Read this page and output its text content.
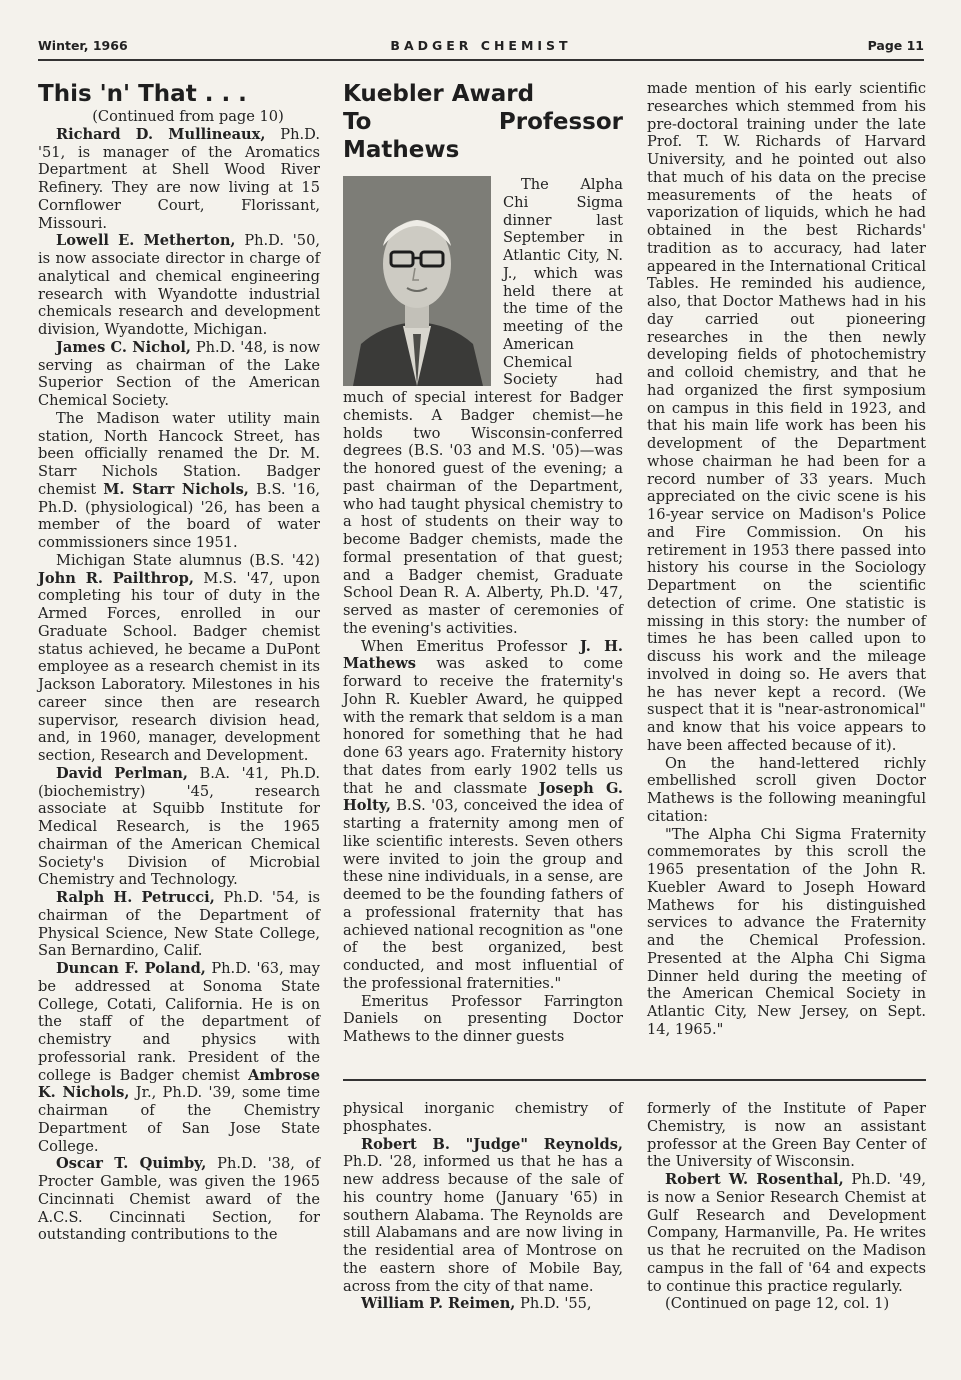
Winter, 1966	BADGER CHEMIST	Page 11
This 'n' That . . .

(Continued from page 10)

Richard D. Mullineaux, Ph.D. '51, is manager of the Aromatics Department at Shell Wood River Refinery. They are now living at 15 Cornflower Court, Florissant, Missouri.

Lowell E. Metherton, Ph.D. '50, is now associate director in charge of analytical and chemical engineering research with Wyandotte industrial chemicals research and development division, Wyandotte, Michigan.

James C. Nichol, Ph.D. '48, is now serving as chairman of the Lake Superior Section of the American Chemical Society.

The Madison water utility main station, North Hancock Street, has been officially renamed the Dr. M. Starr Nichols Station. Badger chemist M. Starr Nichols, B.S. '16, Ph.D. (physiological) '26, has been a member of the board of water commissioners since 1951.

Michigan State alumnus (B.S. '42) John R. Pailthrop, M.S. '47, upon completing his tour of duty in the Armed Forces, enrolled in our Graduate School. Badger chemist status achieved, he became a DuPont employee as a research chemist in its Jackson Laboratory. Milestones in his career since then are research supervisor, research division head, and, in 1960, manager, development section, Research and Development.

David Perlman, B.A. '41, Ph.D. (biochemistry) '45, research associate at Squibb Institute for Medical Research, is the 1965 chairman of the American Chemical Society's Division of Microbial Chemistry and Technology.

Ralph H. Petrucci, Ph.D. '54, is chairman of the Department of Physical Science, New State College, San Bernardino, Calif.

Duncan F. Poland, Ph.D. '63, may be addressed at Sonoma State College, Cotati, California. He is on the staff of the department of chemistry and physics with professorial rank. President of the college is Badger chemist Ambrose K. Nichols, Jr., Ph.D. '39, some time chairman of the Chemistry Department of San Jose State College.

Oscar T. Quimby, Ph.D. '38, of Procter Gamble, was given the 1965 Cincinnati Chemist award of the A.C.S. Cincinnati Section, for outstanding contributions to the

Kuebler Award
To Professor Mathews

The Alpha Chi Sigma dinner last September in Atlantic City, N. J., which was held there at the time of the meeting of the American Chemical Society had much of special interest for Badger chemists. A Badger chemist—he holds two Wisconsin-conferred degrees (B.S. '03 and M.S. '05)—was the honored guest of the evening; a past chairman of the Department, who had taught physical chemistry to a host of students on their way to become Badger chemists, made the formal presentation of that guest; and a Badger chemist, Graduate School Dean R. A. Alberty, Ph.D. '47, served as master of ceremonies of the evening's activities.

When Emeritus Professor J. H. Mathews was asked to come forward to receive the fraternity's John R. Kuebler Award, he quipped with the remark that seldom is a man honored for something that he had done 63 years ago. Fraternity history that dates from early 1902 tells us that he and classmate Joseph G. Holty, B.S. '03, conceived the idea of starting a fraternity among men of like scientific interests. Seven others were invited to join the group and these nine individuals, in a sense, are deemed to be the founding fathers of a professional fraternity that has achieved national recognition as "one of the best organized, best conducted, and most influential of the professional fraternities."

Emeritus Professor Farrington Daniels on presenting Doctor Mathews to the dinner guests

made mention of his early scientific researches which stemmed from his pre-doctoral training under the late Prof. T. W. Richards of Harvard University, and he pointed out also that much of his data on the precise measurements of the heats of vaporization of liquids, which he had obtained in the best Richards' tradition as to accuracy, had later appeared in the International Critical Tables. He reminded his audience, also, that Doctor Mathews had in his day carried out pioneering researches in the then newly developing fields of photochemistry and colloid chemistry, and that he had organized the first symposium on campus in this field in 1923, and that his main life work has been his development of the Department whose chairman he had been for a record number of 33 years. Much appreciated on the civic scene is his 16-year service on Madison's Police and Fire Commission. On his retirement in 1953 there passed into history his course in the Sociology Department on the scientific detection of crime. One statistic is missing in this story: the number of times he has been called upon to discuss his work and the mileage involved in doing so. He avers that he has never kept a record. (We suspect that it is "near-astronomical" and know that his voice appears to have been affected because of it).

On the hand-lettered richly embellished scroll given Doctor Mathews is the following meaningful citation:

"The Alpha Chi Sigma Fraternity commemorates by this scroll the 1965 presentation of the John R. Kuebler Award to Joseph Howard Mathews for his distinguished services to advance the Fraternity and the Chemical Profession. Presented at the Alpha Chi Sigma Dinner held during the meeting of the American Chemical Society in Atlantic City, New Jersey, on Sept. 14, 1965."

physical inorganic chemistry of phosphates.

Robert B. "Judge" Reynolds, Ph.D. '28, informed us that he has a new address because of the sale of his country home (January '65) in southern Alabama. The Reynolds are still Alabamans and are now living in the residential area of Montrose on the eastern shore of Mobile Bay, across from the city of that name.

William P. Reimen, Ph.D. '55,

formerly of the Institute of Paper Chemistry, is now an assistant professor at the Green Bay Center of the University of Wisconsin.

Robert W. Rosenthal, Ph.D. '49, is now a Senior Research Chemist at Gulf Research and Development Company, Harmanville, Pa. He writes us that he recruited on the Madison campus in the fall of '64 and expects to continue this practice regularly.

(Continued on page 12, col. 1)
